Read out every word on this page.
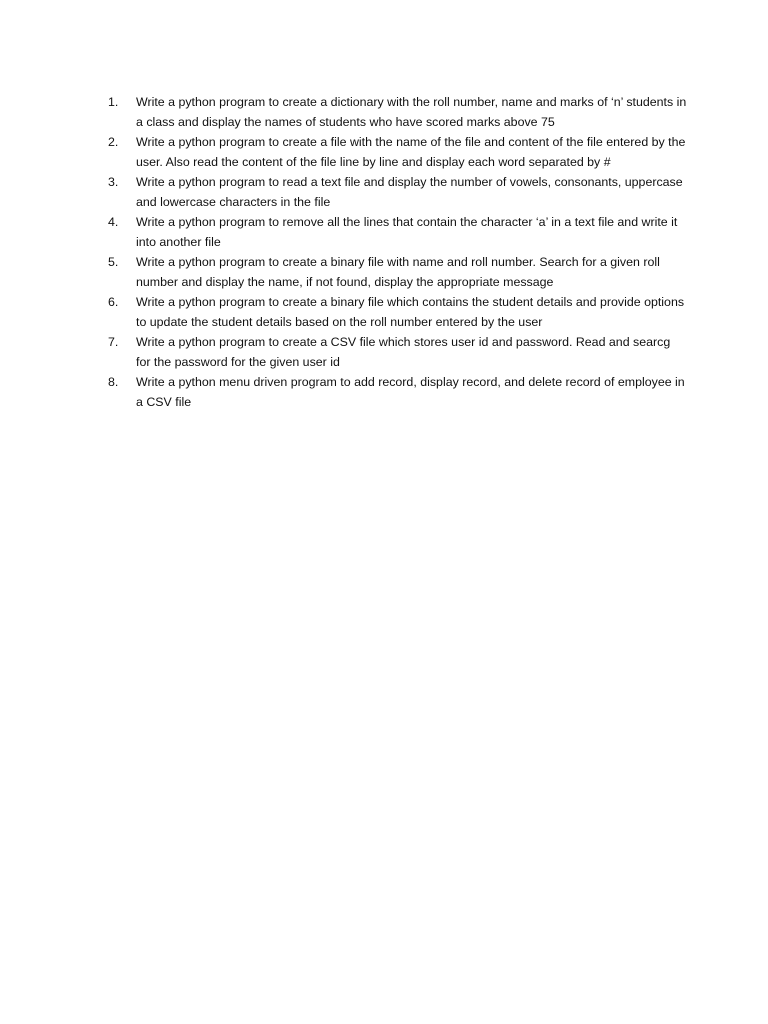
1.	Write a python program to create a dictionary with the roll number, name and marks of ‘n’ students in a class and display the names of students who have scored marks above 75
2.	Write a python program to create a file with the name of the file and content of the file entered by the user. Also read the content of the file line by line and display each word separated by #
3.	Write a python program to read a text file and display the number of vowels, consonants, uppercase and lowercase characters in the file
4.	Write a python program to remove all the lines that contain the character ‘a’ in a text file and write it into another file
5.	Write a python program to create a binary file with name and roll number. Search for a given roll number and display the name, if not found, display the appropriate message
6.	Write a python program to create a binary file which contains the student details and provide options to update the student details based on the roll number entered by the user
7.	Write a python program to create a CSV file which stores user id and password. Read and searcg for the password for the given user id
8.	Write a python menu driven program to add record, display record, and delete record of employee in a CSV file
